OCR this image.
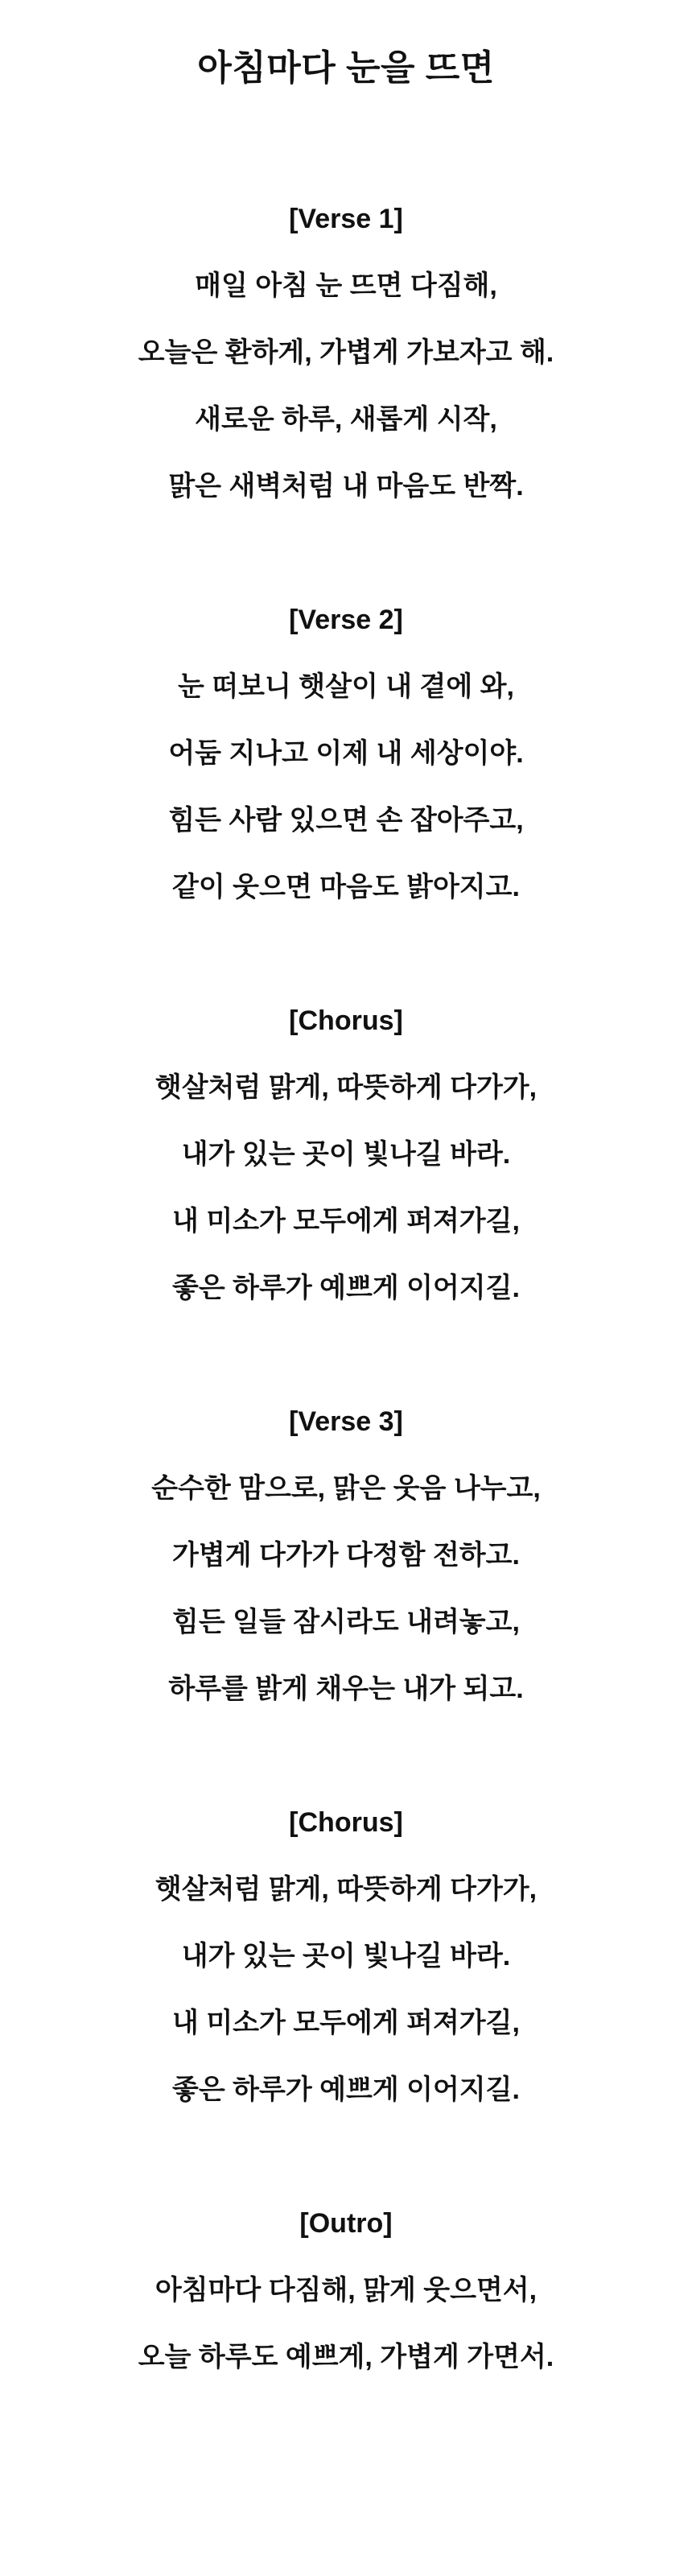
아침마다 눈을 뜨면

[Verse 1]

매일 아침 눈 뜨면 다짐해,

오늘은 환하게, 가볍게 가보자고 해.

새로운 하루, 새롭게 시작,

맑은 새벽처럼 내 마음도 반짝.

[Verse 2]

눈 떠보니 햇살이 내 곁에 와,

어둠 지나고 이제 내 세상이야.

힘든 사람 있으면 손 잡아주고,

같이 웃으면 마음도 밝아지고.

[Chorus]

햇살처럼 맑게, 따뜻하게 다가가,

내가 있는 곳이 빛나길 바라.

내 미소가 모두에게 퍼져가길,

좋은 하루가 예쁘게 이어지길.

[Verse 3]

순수한 맘으로, 맑은 웃음 나누고,

가볍게 다가가 다정함 전하고.

힘든 일들 잠시라도 내려놓고,

하루를 밝게 채우는 내가 되고.

[Chorus]

햇살처럼 맑게, 따뜻하게 다가가,

내가 있는 곳이 빛나길 바라.

내 미소가 모두에게 퍼져가길,

좋은 하루가 예쁘게 이어지길.

[Outro]

아침마다 다짐해, 맑게 웃으면서,

오늘 하루도 예쁘게, 가볍게 가면서.
